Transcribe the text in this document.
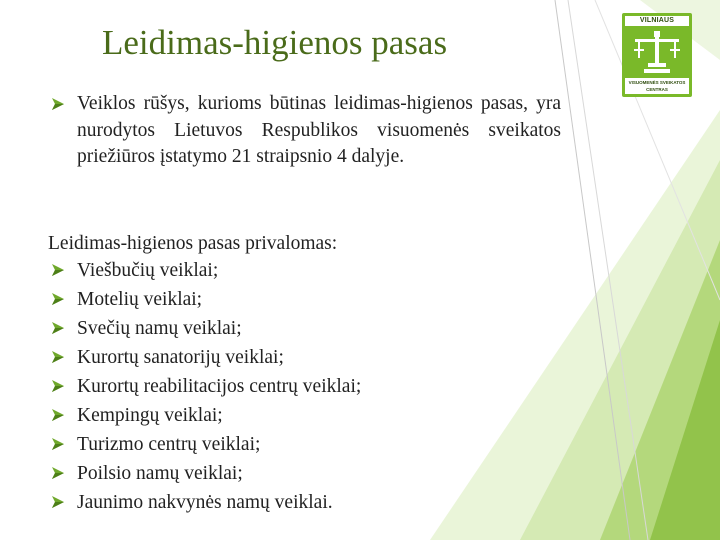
Leidimas-higienos pasas
VILNIAUS
VISUOMENĖS SVEIKATOS
CENTRAS
Veiklos rūšys, kurioms būtinas leidimas-higienos pasas, yra nurodytos Lietuvos Respublikos visuomenės sveikatos priežiūros įstatymo 21 straipsnio 4 dalyje.
Leidimas-higienos pasas privalomas:
Viešbučių veiklai;
Motelių veiklai;
Svečių namų veiklai;
Kurortų sanatorijų veiklai;
Kurortų reabilitacijos centrų veiklai;
Kempingų veiklai;
Turizmo centrų veiklai;
Poilsio namų veiklai;
Jaunimo nakvynės namų veiklai.
